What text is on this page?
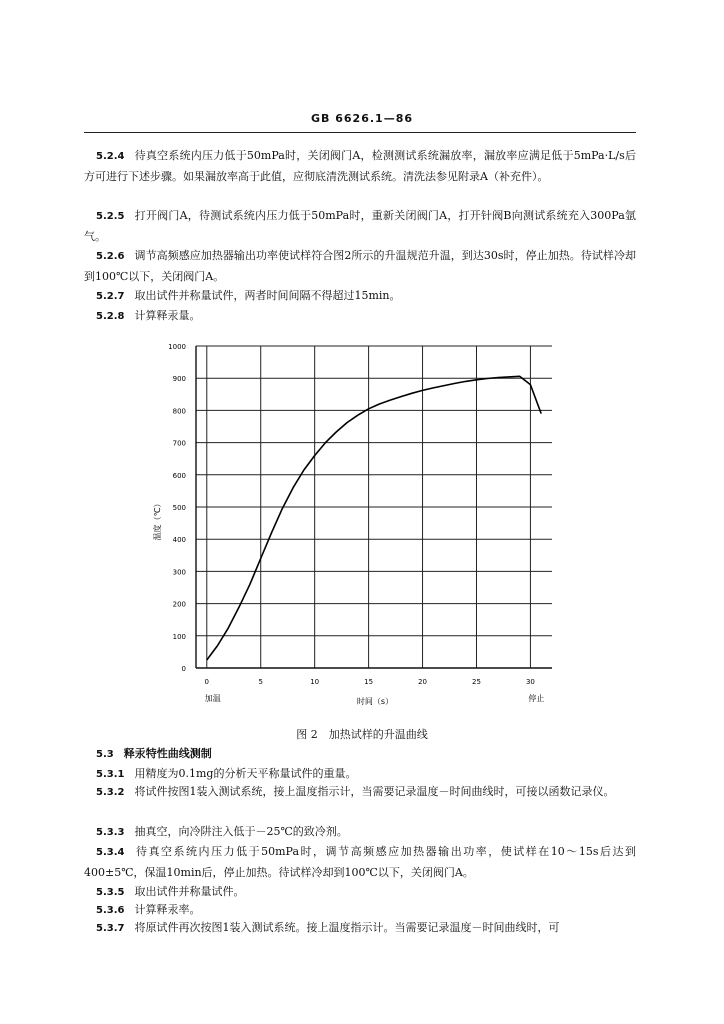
GB 6626.1—86
5.2.4 待真空系统内压力低于50mPa时，关闭阀门A，检测测试系统漏放率，漏放率应满足低于5mPa·L/s后方可进行下述步骤。如果漏放率高于此值，应彻底清洗测试系统。清洗法参见附录A（补充件）。
5.2.5 打开阀门A，待测试系统内压力低于50mPa时，重新关闭阀门A，打开针阀B向测试系统充入300Pa氩气。
5.2.6 调节高频感应加热器输出功率使试样符合图2所示的升温规范升温，到达30s时，停止加热。待试样冷却到100℃以下，关闭阀门A。
5.2.7 取出试件并称量试件，两者时间间隔不得超过15min。
5.2.8 计算释汞量。
0
100
200
300
400
500
600
700
800
900
1000
0	5	10	15	20	25	30
加温	停止
时间（s）
温度（℃）
图 2　加热试样的升温曲线
5.3 释汞特性曲线测制
5.3.1 用精度为0.1mg的分析天平称量试件的重量。
5.3.2 将试件按图1装入测试系统，接上温度指示计，当需要记录温度－时间曲线时，可接以函数记录仪。
5.3.3 抽真空，向冷阱注入低于－25℃的致冷剂。
5.3.4 待真空系统内压力低于50mPa时，调节高频感应加热器输出功率，使试样在10～15s后达到400±5℃，保温10min后，停止加热。待试样冷却到100℃以下，关闭阀门A。
5.3.5 取出试件并称量试件。
5.3.6 计算释汞率。
5.3.7 将原试件再次按图1装入测试系统。接上温度指示计。当需要记录温度－时间曲线时，可
